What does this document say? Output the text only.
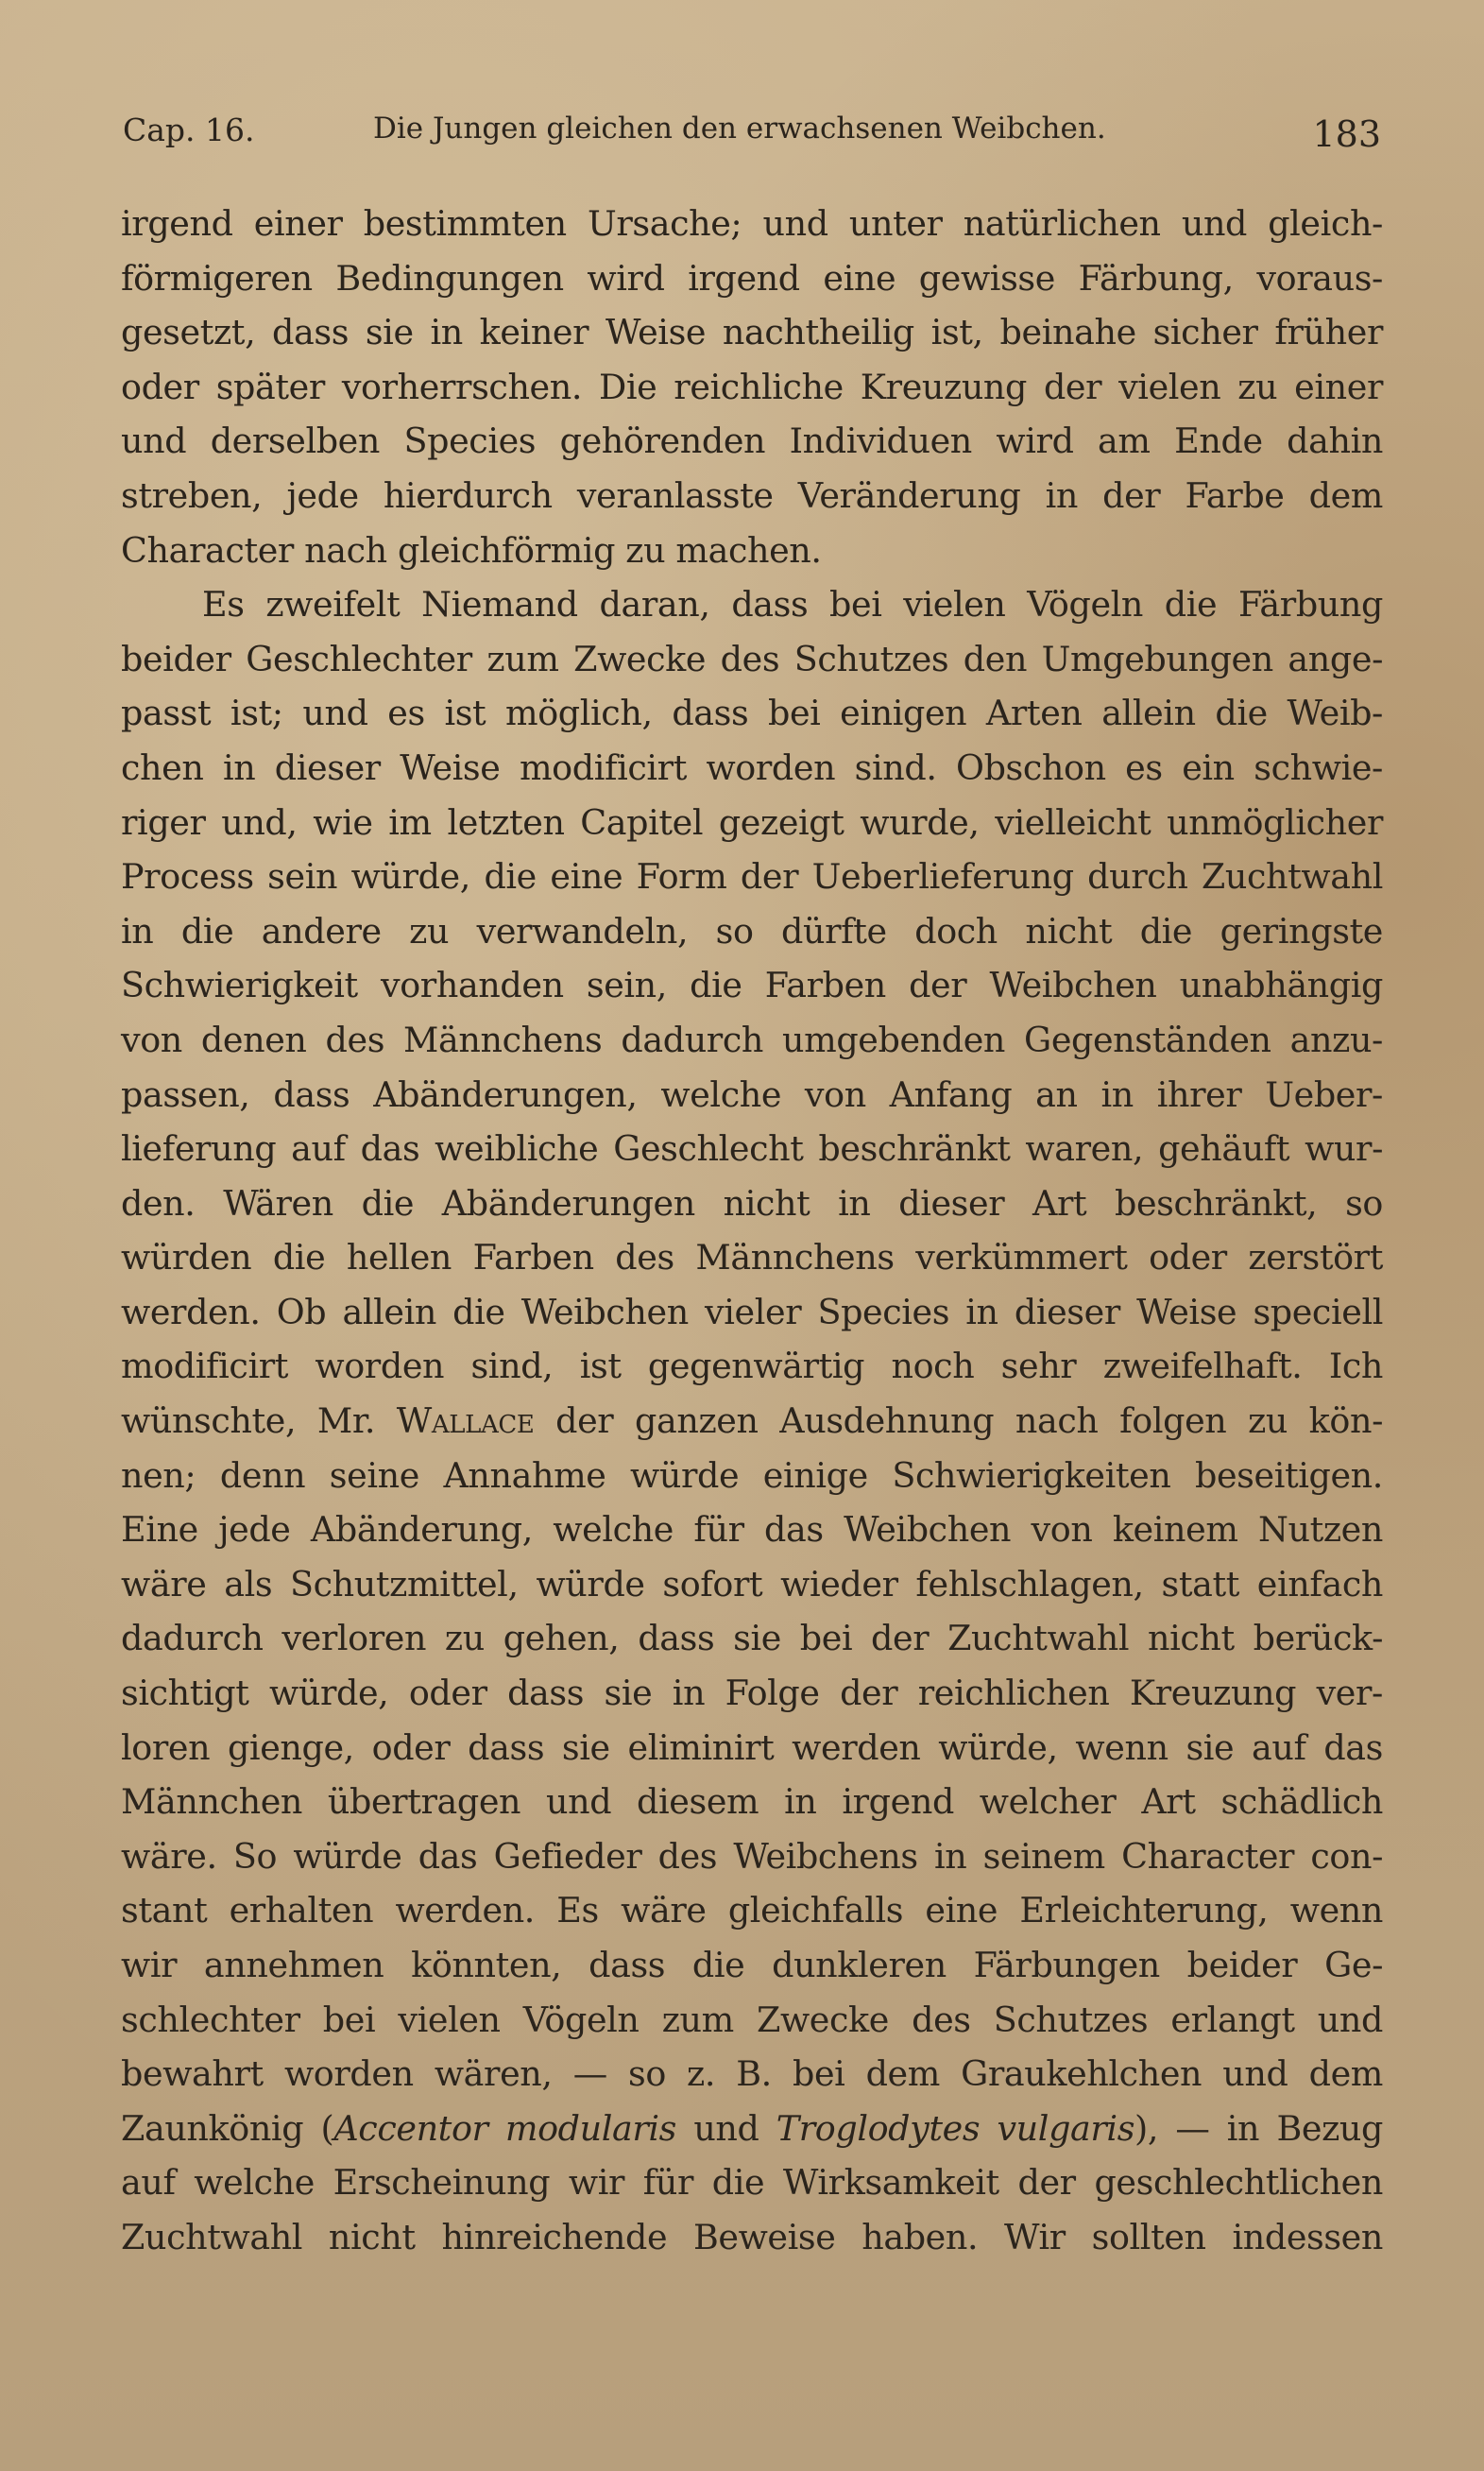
Cap. 16.	Die Jungen gleichen den erwachsenen Weibchen.	183
irgend einer bestimmten Ursache; und unter natürlichen und gleich-
förmigeren Bedingungen wird irgend eine gewisse Färbung, voraus-
gesetzt, dass sie in keiner Weise nachtheilig ist, beinahe sicher früher
oder später vorherrschen. Die reichliche Kreuzung der vielen zu einer
und derselben Species gehörenden Individuen wird am Ende dahin
streben, jede hierdurch veranlasste Veränderung in der Farbe dem
Character nach gleichförmig zu machen.
Es zweifelt Niemand daran, dass bei vielen Vögeln die Färbung
beider Geschlechter zum Zwecke des Schutzes den Umgebungen ange-
passt ist; und es ist möglich, dass bei einigen Arten allein die Weib-
chen in dieser Weise modificirt worden sind. Obschon es ein schwie-
riger und, wie im letzten Capitel gezeigt wurde, vielleicht unmöglicher
Process sein würde, die eine Form der Ueberlieferung durch Zuchtwahl
in die andere zu verwandeln, so dürfte doch nicht die geringste
Schwierigkeit vorhanden sein, die Farben der Weibchen unabhängig
von denen des Männchens dadurch umgebenden Gegenständen anzu-
passen, dass Abänderungen, welche von Anfang an in ihrer Ueber-
lieferung auf das weibliche Geschlecht beschränkt waren, gehäuft wur-
den. Wären die Abänderungen nicht in dieser Art beschränkt, so
würden die hellen Farben des Männchens verkümmert oder zerstört
werden. Ob allein die Weibchen vieler Species in dieser Weise speciell
modificirt worden sind, ist gegenwärtig noch sehr zweifelhaft. Ich
wünschte, Mr. Wallace der ganzen Ausdehnung nach folgen zu kön-
nen; denn seine Annahme würde einige Schwierigkeiten beseitigen.
Eine jede Abänderung, welche für das Weibchen von keinem Nutzen
wäre als Schutzmittel, würde sofort wieder fehlschlagen, statt einfach
dadurch verloren zu gehen, dass sie bei der Zuchtwahl nicht berück-
sichtigt würde, oder dass sie in Folge der reichlichen Kreuzung ver-
loren gienge, oder dass sie eliminirt werden würde, wenn sie auf das
Männchen übertragen und diesem in irgend welcher Art schädlich
wäre. So würde das Gefieder des Weibchens in seinem Character con-
stant erhalten werden. Es wäre gleichfalls eine Erleichterung, wenn
wir annehmen könnten, dass die dunkleren Färbungen beider Ge-
schlechter bei vielen Vögeln zum Zwecke des Schutzes erlangt und
bewahrt worden wären, — so z. B. bei dem Graukehlchen und dem
Zaunkönig (Accentor modularis und Troglodytes vulgaris), — in Bezug
auf welche Erscheinung wir für die Wirksamkeit der geschlechtlichen
Zuchtwahl nicht hinreichende Beweise haben. Wir sollten indessen
